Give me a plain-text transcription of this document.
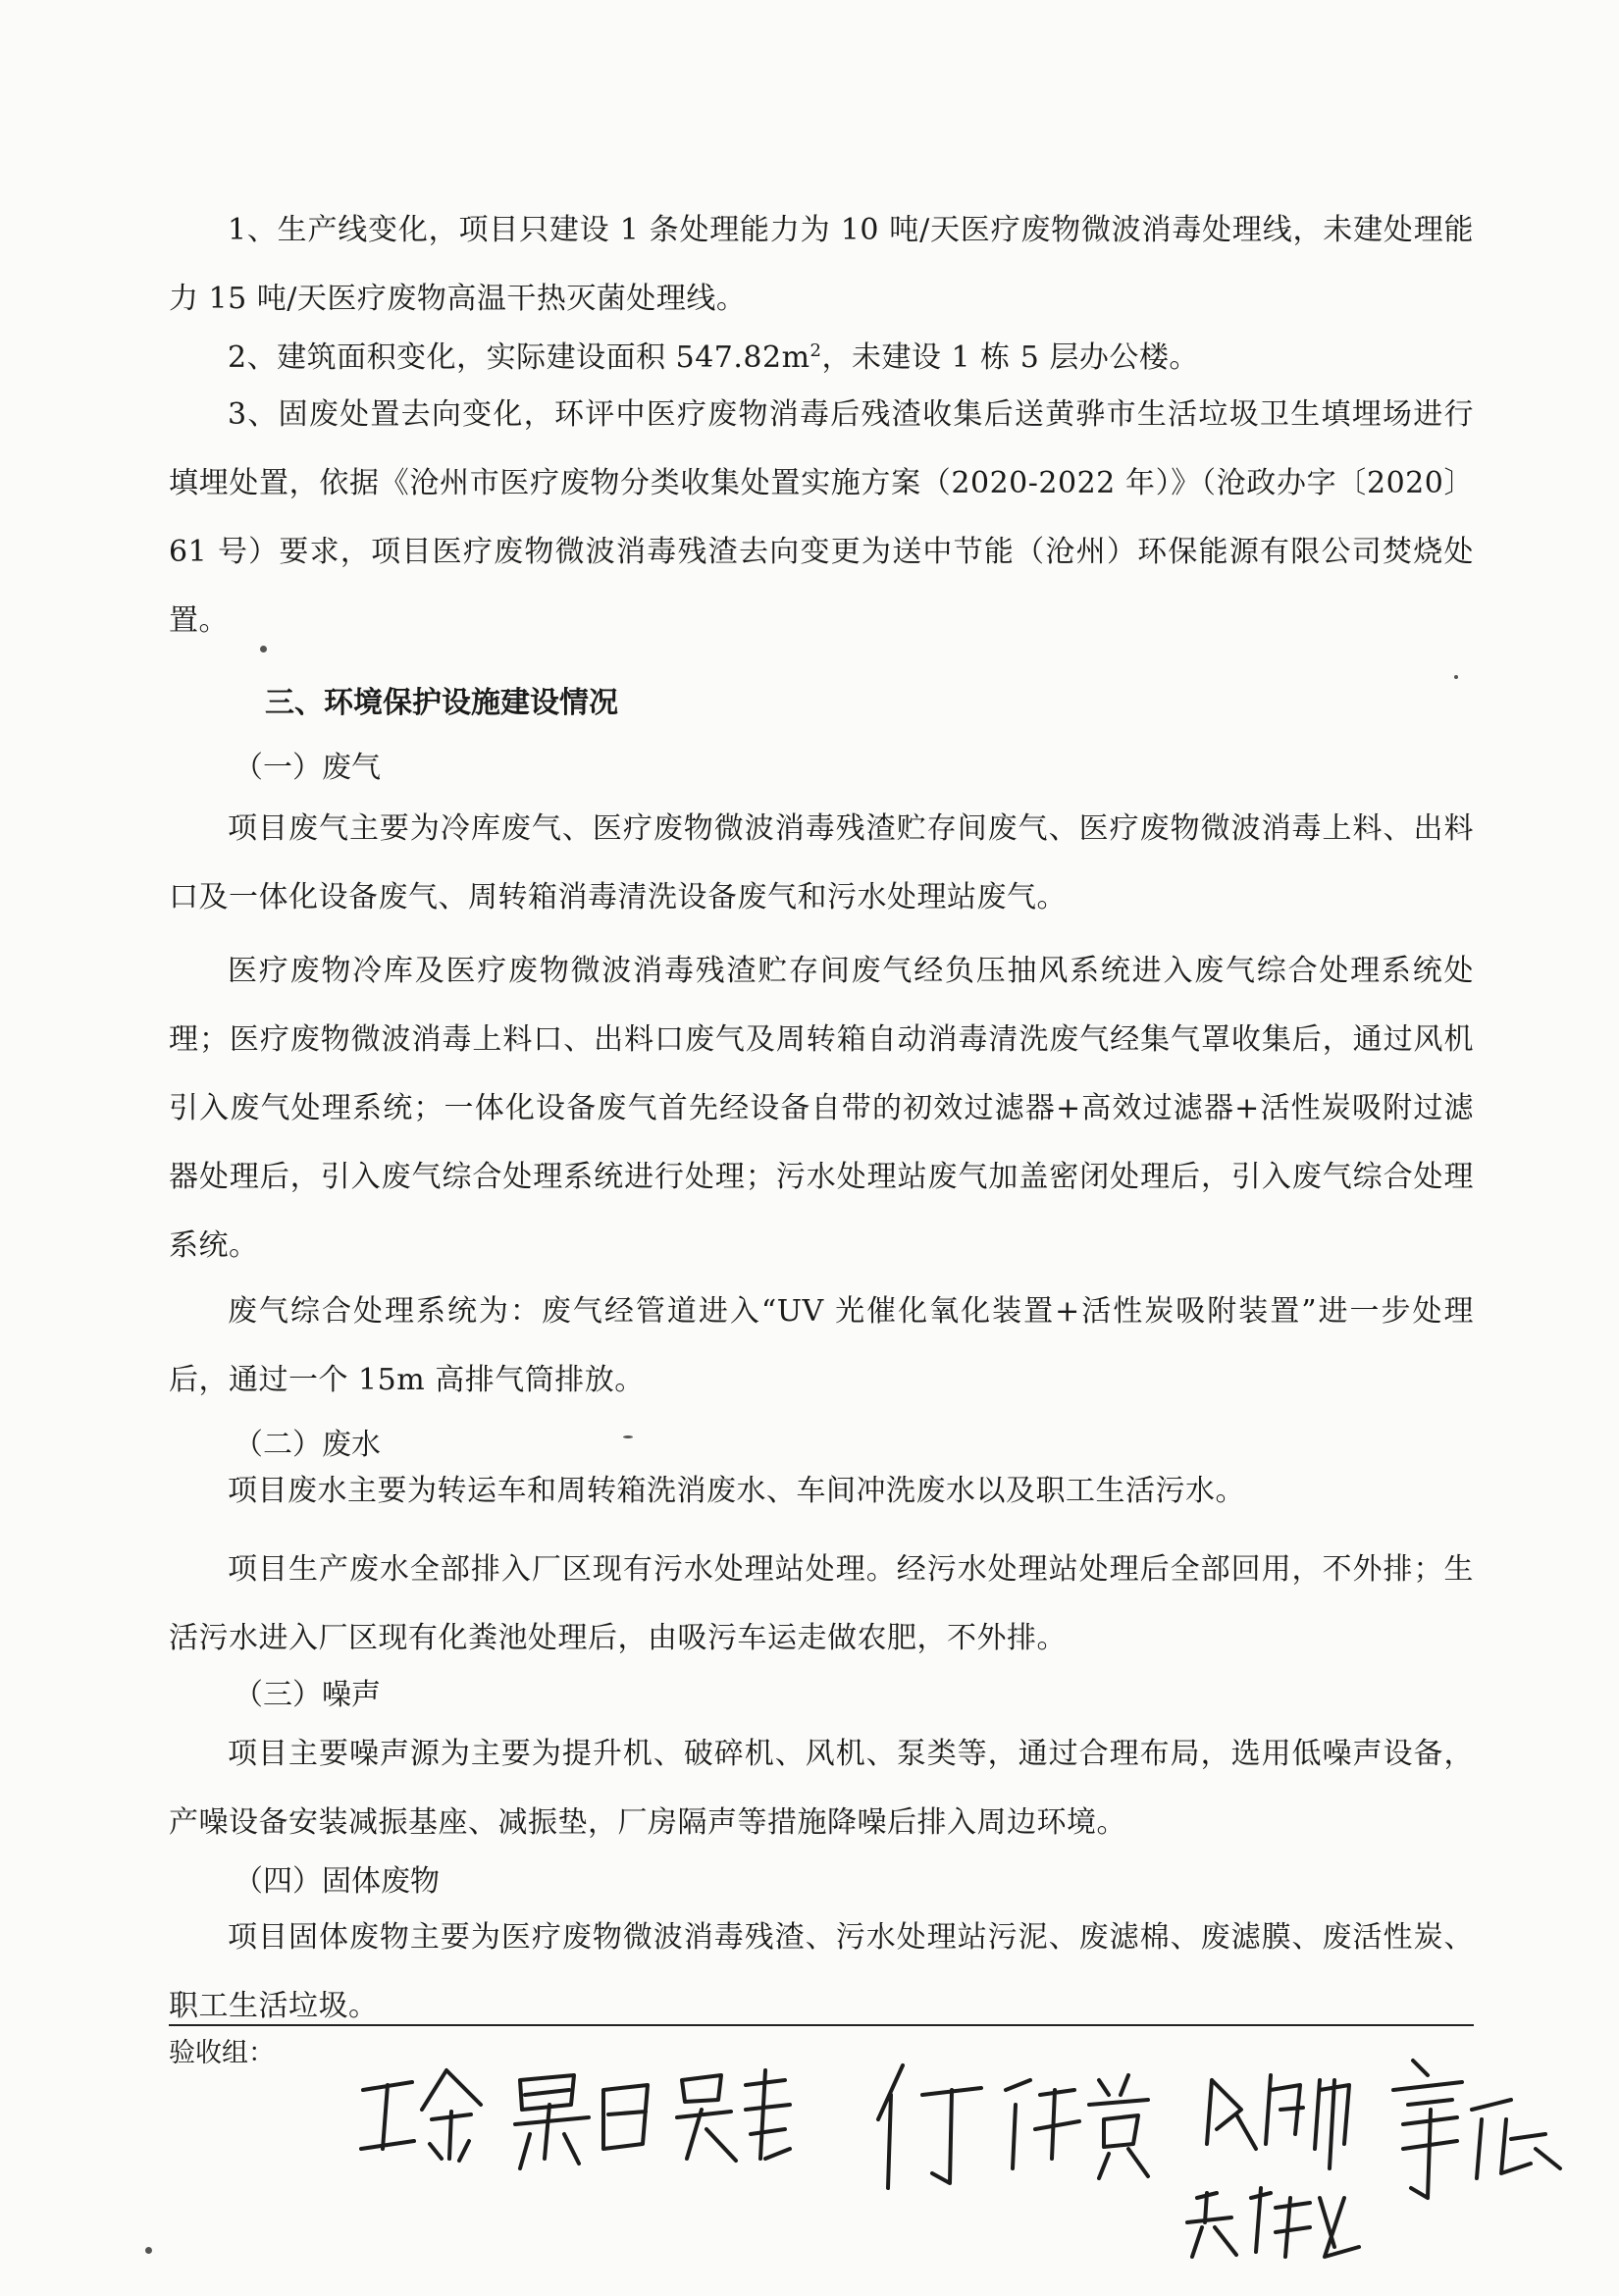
1、生产线变化，项目只建设 1 条处理能力为 10 吨/天医疗废物微波消毒处理线，未建处理能力 15 吨/天医疗废物高温干热灭菌处理线。

2、建筑面积变化，实际建设面积 $547.82m^2$，未建设 1 栋 5 层办公楼。

3、固废处置去向变化，环评中医疗废物消毒后残渣收集后送黄骅市生活垃圾卫生填埋场进行填埋处置，依据《沧州市医疗废物分类收集处置实施方案（2020-2022 年）》（沧政办字〔2020〕61 号）要求，项目医疗废物微波消毒残渣去向变更为送中节能（沧州）环保能源有限公司焚烧处置。

三、环境保护设施建设情况
（一）废气

项目废气主要为冷库废气、医疗废物微波消毒残渣贮存间废气、医疗废物微波消毒上料、出料口及一体化设备废气、周转箱消毒清洗设备废气和污水处理站废气。

医疗废物冷库及医疗废物微波消毒残渣贮存间废气经负压抽风系统进入废气综合处理系统处理；医疗废物微波消毒上料口、出料口废气及周转箱自动消毒清洗废气经集气罩收集后，通过风机引入废气处理系统；一体化设备废气首先经设备自带的初效过滤器+高效过滤器+活性炭吸附过滤器处理后，引入废气综合处理系统进行处理；污水处理站废气加盖密闭处理后，引入废气综合处理系统。

废气综合处理系统为：废气经管道进入“UV 光催化氧化装置+活性炭吸附装置”进一步处理后，通过一个 15m 高排气筒排放。

（二）废水

项目废水主要为转运车和周转箱洗消废水、车间冲洗废水以及职工生活污水。

项目生产废水全部排入厂区现有污水处理站处理。经污水处理站处理后全部回用，不外排；生活污水进入厂区现有化粪池处理后，由吸污车运走做农肥，不外排。

（三）噪声

项目主要噪声源为主要为提升机、破碎机、风机、泵类等，通过合理布局，选用低噪声设备，产噪设备安装减振基座、减振垫，厂房隔声等措施降噪后排入周边环境。

（四）固体废物

项目固体废物主要为医疗废物微波消毒残渣、污水处理站污泥、废滤棉、废滤膜、废活性炭、职工生活垃圾。

验收组：
